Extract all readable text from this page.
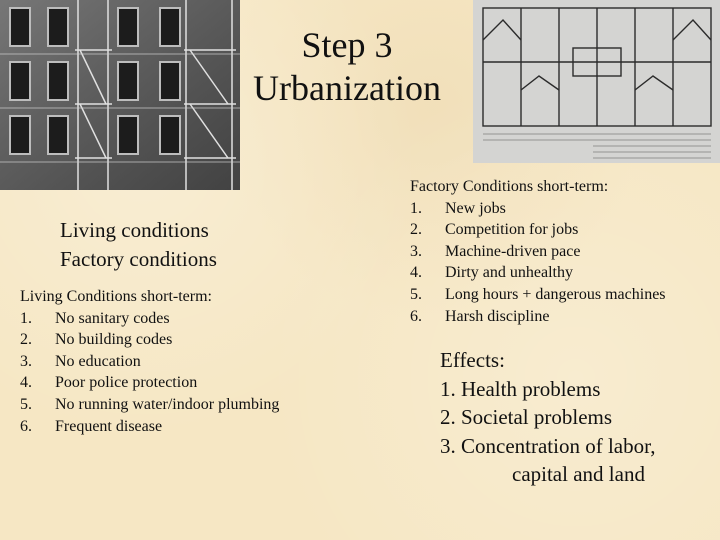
Step 3
Urbanization
Living conditions
Factory conditions
Living Conditions short-term:
1.	No sanitary codes
2.	No building codes
3.	No education
4.	Poor police protection
5.	No running water/indoor plumbing
6.	Frequent disease
Factory Conditions short-term:
1.	New jobs
2.	Competition for jobs
3.	Machine-driven pace
4.	Dirty and unhealthy
5.	Long hours + dangerous machines
6.	Harsh discipline
Effects:
1. Health problems
2. Societal problems
3. Concentration of labor,
capital and land
